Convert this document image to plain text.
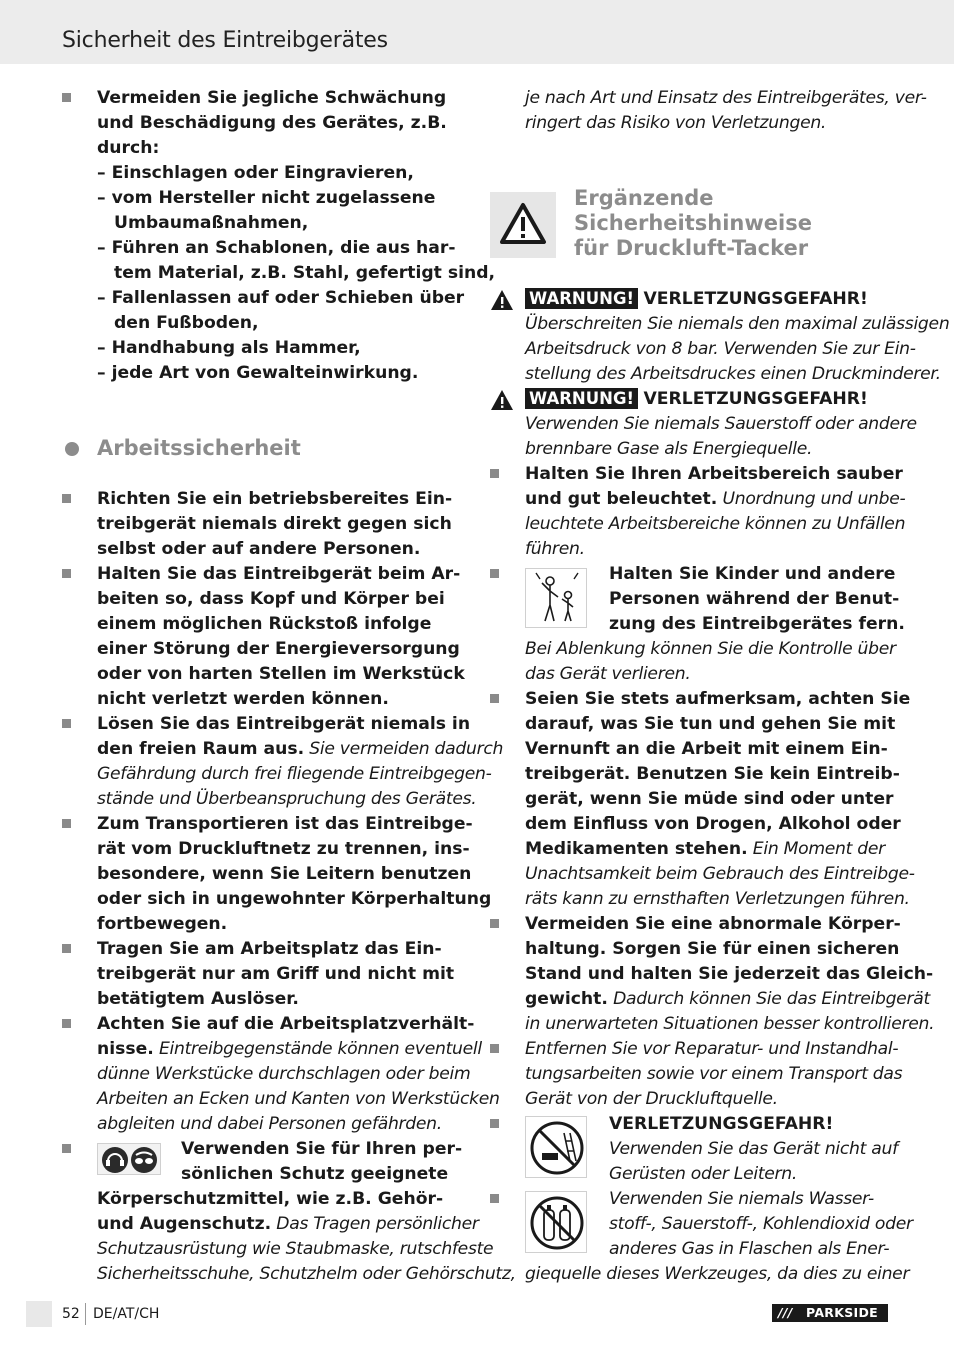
Sicherheit des Eintreibgerätes
Vermeiden Sie jegliche Schwächung
und Beschädigung des Gerätes, z.B.
durch:
– Einschlagen oder Eingravieren,
– vom Hersteller nicht zugelassene
Umbaumaßnahmen,
– Führen an Schablonen, die aus har-
tem Material, z.B. Stahl, gefertigt sind,
– Fallenlassen auf oder Schieben über
den Fußboden,
– Handhabung als Hammer,
– jede Art von Gewalteinwirkung.
Arbeitssicherheit
Richten Sie ein betriebsbereites Ein-
treibgerät niemals direkt gegen sich
selbst oder auf andere Personen.
Halten Sie das Eintreibgerät beim Ar-
beiten so, dass Kopf und Körper bei
einem möglichen Rückstoß infolge
einer Störung der Energieversorgung
oder von harten Stellen im Werkstück
nicht verletzt werden können.
Lösen Sie das Eintreibgerät niemals in
den freien Raum aus. Sie vermeiden dadurch
Gefährdung durch frei fliegende Eintreibgegen-
stände und Überbeanspruchung des Gerätes.
Zum Transportieren ist das Eintreibge-
rät vom Druckluftnetz zu trennen, ins-
besondere, wenn Sie Leitern benutzen
oder sich in ungewohnter Körperhaltung
fortbewegen.
Tragen Sie am Arbeitsplatz das Ein-
treibgerät nur am Griff und nicht mit
betätigtem Auslöser.
Achten Sie auf die Arbeitsplatzverhält-
nisse. Eintreibgegenstände können eventuell
dünne Werkstücke durchschlagen oder beim
Arbeiten an Ecken und Kanten von Werkstücken
abgleiten und dabei Personen gefährden.
Verwenden Sie für Ihren per-
sönlichen Schutz geeignete
Körperschutzmittel, wie z.B. Gehör-
und Augenschutz. Das Tragen persönlicher
Schutzausrüstung wie Staubmaske, rutschfeste
Sicherheitsschuhe, Schutzhelm oder Gehörschutz,
je nach Art und Einsatz des Eintreibgerätes, ver-
ringert das Risiko von Verletzungen.
Ergänzende
Sicherheitshinweise
für Druckluft-Tacker
WARNUNG! VERLETZUNGSGEFAHR!
Überschreiten Sie niemals den maximal zulässigen
Arbeitsdruck von 8 bar. Verwenden Sie zur Ein-
stellung des Arbeitsdruckes einen Druckminderer.
WARNUNG! VERLETZUNGSGEFAHR!
Verwenden Sie niemals Sauerstoff oder andere
brennbare Gase als Energiequelle.
Halten Sie Ihren Arbeitsbereich sauber
und gut beleuchtet. Unordnung und unbe-
leuchtete Arbeitsbereiche können zu Unfällen
führen.
Halten Sie Kinder und andere
Personen während der Benut-
zung des Eintreibgerätes fern.
Bei Ablenkung können Sie die Kontrolle über
das Gerät verlieren.
Seien Sie stets aufmerksam, achten Sie
darauf, was Sie tun und gehen Sie mit
Vernunft an die Arbeit mit einem Ein-
treibgerät. Benutzen Sie kein Eintreib-
gerät, wenn Sie müde sind oder unter
dem Einfluss von Drogen, Alkohol oder
Medikamenten stehen. Ein Moment der
Unachtsamkeit beim Gebrauch des Eintreibge-
räts kann zu ernsthaften Verletzungen führen.
Vermeiden Sie eine abnormale Körper-
haltung. Sorgen Sie für einen sicheren
Stand und halten Sie jederzeit das Gleich-
gewicht. Dadurch können Sie das Eintreibgerät
in unerwarteten Situationen besser kontrollieren.
Entfernen Sie vor Reparatur- und Instandhal-
tungsarbeiten sowie vor einem Transport das
Gerät von der Druckluftquelle.
VERLETZUNGSGEFAHR!
Verwenden Sie das Gerät nicht auf
Gerüsten oder Leitern.
Verwenden Sie niemals Wasser-
stoff-, Sauerstoff-, Kohlendioxid oder
anderes Gas in Flaschen als Ener-
giequelle dieses Werkzeuges, da dies zu einer
52 DE/AT/CH	/// PARKSIDE
